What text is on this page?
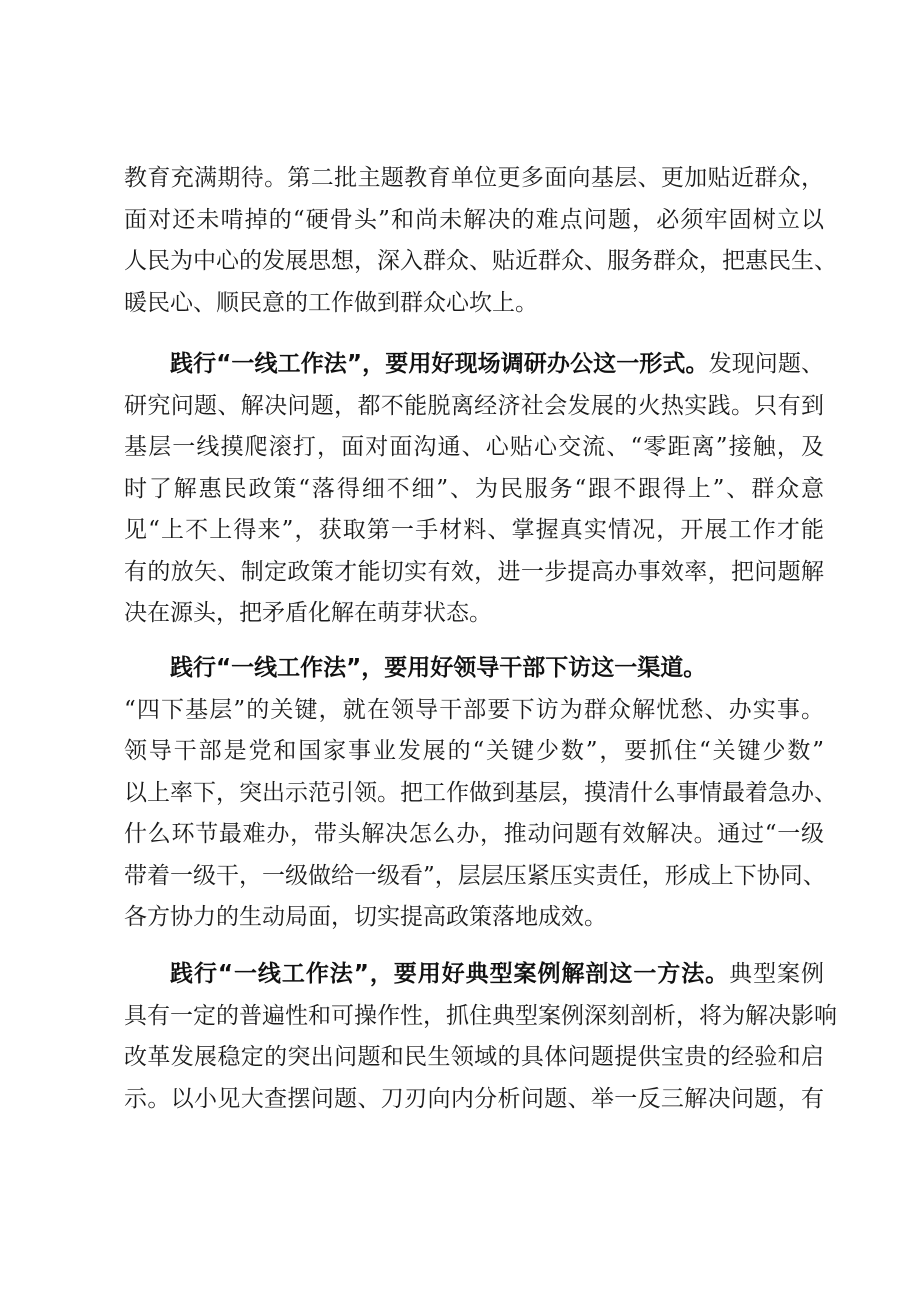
教育充满期待。第二批主题教育单位更多面向基层、更加贴近群众，
面对还未啃掉的“硬骨头”和尚未解决的难点问题，必须牢固树立以
人民为中心的发展思想，深入群众、贴近群众、服务群众，把惠民生、
暖民心、顺民意的工作做到群众心坎上。

践行“一线工作法”，要用好现场调研办公这一形式。发现问题、
研究问题、解决问题，都不能脱离经济社会发展的火热实践。只有到
基层一线摸爬滚打，面对面沟通、心贴心交流、“零距离”接触，及
时了解惠民政策“落得细不细”、为民服务“跟不跟得上”、群众意
见“上不上得来”，获取第一手材料、掌握真实情况，开展工作才能
有的放矢、制定政策才能切实有效，进一步提高办事效率，把问题解
决在源头，把矛盾化解在萌芽状态。

践行“一线工作法”，要用好领导干部下访这一渠道。
“四下基层”的关键，就在领导干部要下访为群众解忧愁、办实事。
领导干部是党和国家事业发展的“关键少数”，要抓住“关键少数”
以上率下，突出示范引领。把工作做到基层，摸清什么事情最着急办、
什么环节最难办，带头解决怎么办，推动问题有效解决。通过“一级
带着一级干，一级做给一级看”，层层压紧压实责任，形成上下协同、
各方协力的生动局面，切实提高政策落地成效。

践行“一线工作法”，要用好典型案例解剖这一方法。典型案例
具有一定的普遍性和可操作性，抓住典型案例深刻剖析，将为解决影响
改革发展稳定的突出问题和民生领域的具体问题提供宝贵的经验和启
示。以小见大查摆问题、刀刃向内分析问题、举一反三解决问题，有
